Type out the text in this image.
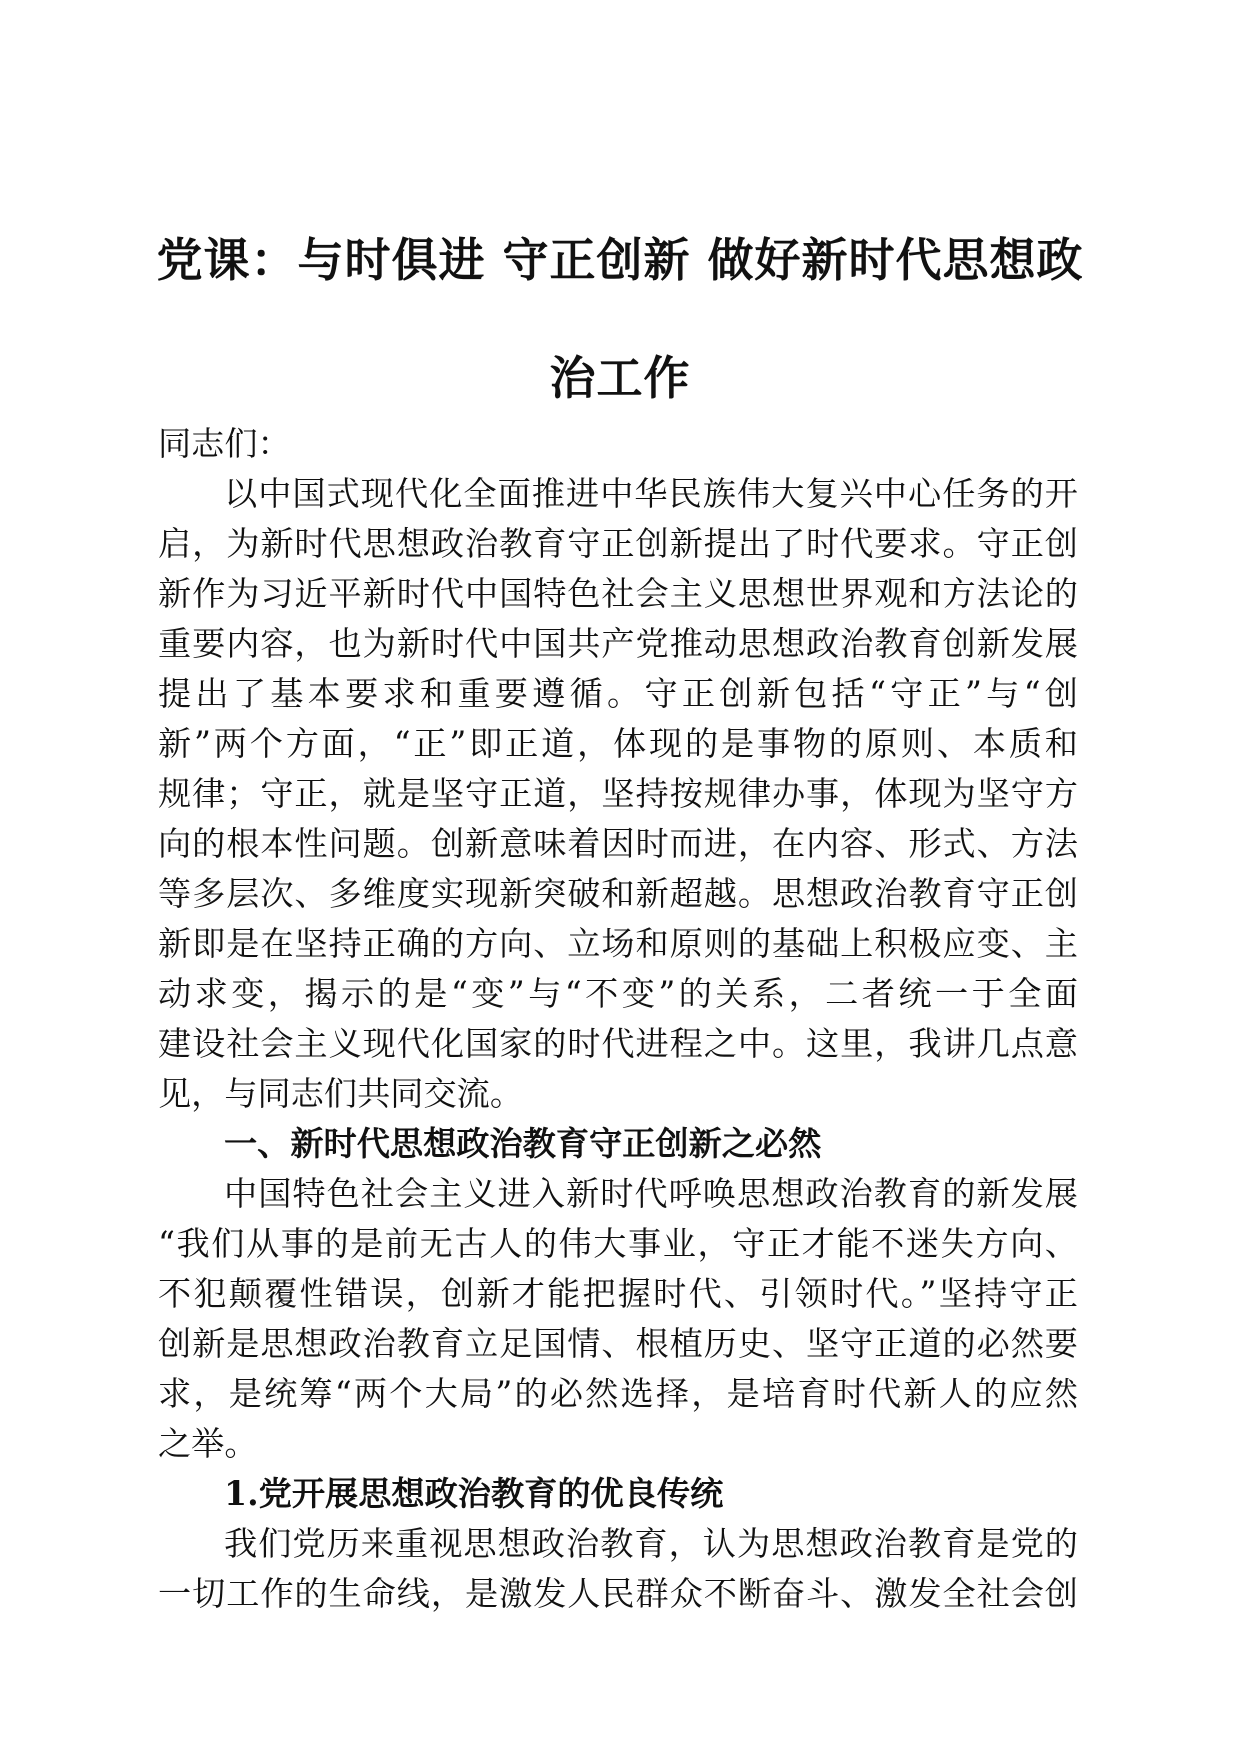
党课：与时俱进 守正创新 做好新时代思想政
治工作

同志们：

以中国式现代化全面推进中华民族伟大复兴中心任务的开

启，为新时代思想政治教育守正创新提出了时代要求。守正创

新作为习近平新时代中国特色社会主义思想世界观和方法论的

重要内容，也为新时代中国共产党推动思想政治教育创新发展

提出了基本要求和重要遵循。守正创新包括“守正”与“创

新”两个方面，“正”即正道，体现的是事物的原则、本质和

规律；守正，就是坚守正道，坚持按规律办事，体现为坚守方

向的根本性问题。创新意味着因时而进，在内容、形式、方法

等多层次、多维度实现新突破和新超越。思想政治教育守正创

新即是在坚持正确的方向、立场和原则的基础上积极应变、主

动求变，揭示的是“变”与“不变”的关系，二者统一于全面

建设社会主义现代化国家的时代进程之中。这里，我讲几点意

见，与同志们共同交流。

一、新时代思想政治教育守正创新之必然

中国特色社会主义进入新时代呼唤思想政治教育的新发展

“我们从事的是前无古人的伟大事业，守正才能不迷失方向、

不犯颠覆性错误，创新才能把握时代、引领时代。”坚持守正

创新是思想政治教育立足国情、根植历史、坚守正道的必然要

求，是统筹“两个大局”的必然选择，是培育时代新人的应然

之举。

1.党开展思想政治教育的优良传统

我们党历来重视思想政治教育，认为思想政治教育是党的

一切工作的生命线，是激发人民群众不断奋斗、激发全社会创
